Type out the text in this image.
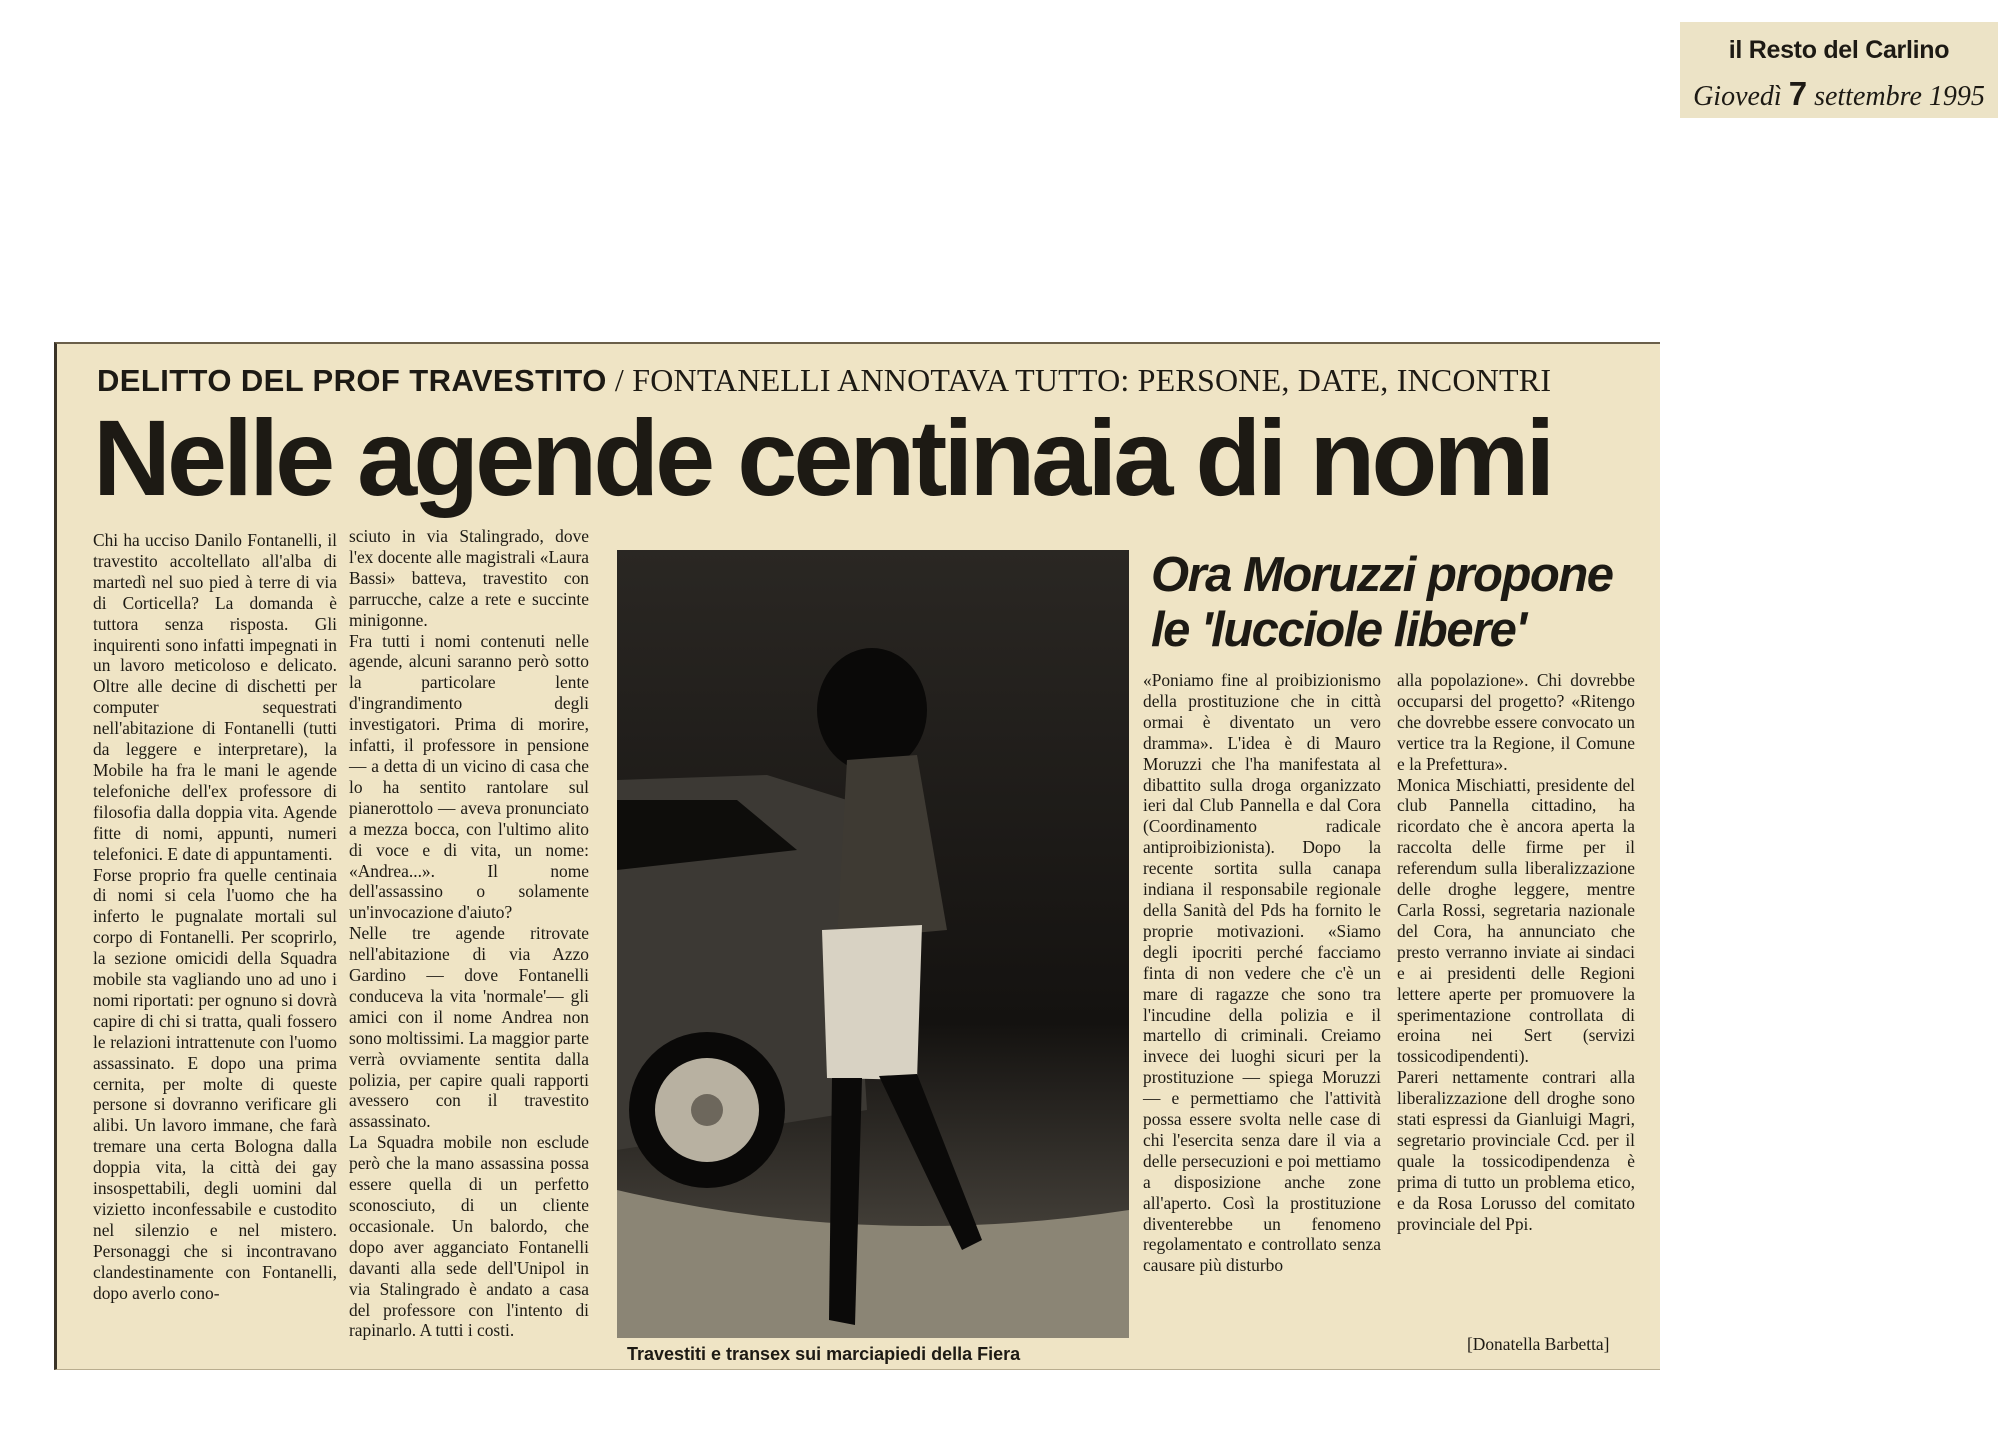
il Resto del Carlino
Giovedì 7 settembre 1995
DELITTO DEL PROF TRAVESTITO / FONTANELLI ANNOTAVA TUTTO: PERSONE, DATE, INCONTRI
Nelle agende centinaia di nomi

Chi ha ucciso Danilo Fontanelli, il travestito accoltellato all'alba di martedì nel suo pied à terre di via di Corticella? La domanda è tuttora senza risposta. Gli inquirenti sono infatti impegnati in un lavoro meticoloso e delicato. Oltre alle decine di dischetti per computer sequestrati nell'abitazione di Fontanelli (tutti da leggere e interpretare), la Mobile ha fra le mani le agende telefoniche dell'ex professore di filosofia dalla doppia vita. Agende fitte di nomi, appunti, numeri telefonici. E date di appuntamenti.

Forse proprio fra quelle centinaia di nomi si cela l'uomo che ha inferto le pugnalate mortali sul corpo di Fontanelli. Per scoprirlo, la sezione omicidi della Squadra mobile sta vagliando uno ad uno i nomi riportati: per ognuno si dovrà capire di chi si tratta, quali fossero le relazioni intrattenute con l'uomo assassinato. E dopo una prima cernita, per molte di queste persone si dovranno verificare gli alibi. Un lavoro immane, che farà tremare una certa Bologna dalla doppia vita, la città dei gay insospettabili, degli uomini dal vizietto inconfessabile e custodito nel silenzio e nel mistero. Personaggi che si incontravano clandestinamente con Fontanelli, dopo averlo cono-

sciuto in via Stalingrado, dove l'ex docente alle magistrali «Laura Bassi» batteva, travestito con parrucche, calze a rete e succinte minigonne.

Fra tutti i nomi contenuti nelle agende, alcuni saranno però sotto la particolare lente d'ingrandimento degli investigatori. Prima di morire, infatti, il professore in pensione — a detta di un vicino di casa che lo ha sentito rantolare sul pianerottolo — aveva pronunciato a mezza bocca, con l'ultimo alito di voce e di vita, un nome: «Andrea...». Il nome dell'assassino o solamente un'invocazione d'aiuto?

Nelle tre agende ritrovate nell'abitazione di via Azzo Gardino — dove Fontanelli conduceva la vita 'normale'— gli amici con il nome Andrea non sono moltissimi. La maggior parte verrà ovviamente sentita dalla polizia, per capire quali rapporti avessero con il travestito assassinato.

La Squadra mobile non esclude però che la mano assassina possa essere quella di un perfetto sconosciuto, di un cliente occasionale. Un balordo, che dopo aver agganciato Fontanelli davanti alla sede dell'Unipol in via Stalingrado è andato a casa del professore con l'intento di rapinarlo. A tutti i costi.

Travestiti e transex sui marciapiedi della Fiera
Ora Moruzzi propone le 'lucciole libere'

«Poniamo fine al proibizionismo della prostituzione che in città ormai è diventato un vero dramma». L'idea è di Mauro Moruzzi che l'ha manifestata al dibattito sulla droga organizzato ieri dal Club Pannella e dal Cora (Coordinamento radicale antiproibizionista). Dopo la recente sortita sulla canapa indiana il responsabile regionale della Sanità del Pds ha fornito le proprie motivazioni. «Siamo degli ipocriti perché facciamo finta di non vedere che c'è un mare di ragazze che sono tra l'incudine della polizia e il martello di criminali. Creiamo invece dei luoghi sicuri per la prostituzione — spiega Moruzzi — e permettiamo che l'attività possa essere svolta nelle case di chi l'esercita senza dare il via a delle persecuzioni e poi mettiamo a disposizione anche zone all'aperto. Così la prostituzione diventerebbe un fenomeno regolamentato e controllato senza causare più disturbo

alla popolazione». Chi dovrebbe occuparsi del progetto? «Ritengo che dovrebbe essere convocato un vertice tra la Regione, il Comune e la Prefettura».

Monica Mischiatti, presidente del club Pannella cittadino, ha ricordato che è ancora aperta la raccolta delle firme per il referendum sulla liberalizzazione delle droghe leggere, mentre Carla Rossi, segretaria nazionale del Cora, ha annunciato che presto verranno inviate ai sindaci e ai presidenti delle Regioni lettere aperte per promuovere la sperimentazione controllata di eroina nei Sert (servizi tossicodipendenti).

Pareri nettamente contrari alla liberalizzazione dell droghe sono stati espressi da Gianluigi Magri, segretario provinciale Ccd. per il quale la tossicodipendenza è prima di tutto un problema etico, e da Rosa Lorusso del comitato provinciale del Ppi.

[Donatella Barbetta]
